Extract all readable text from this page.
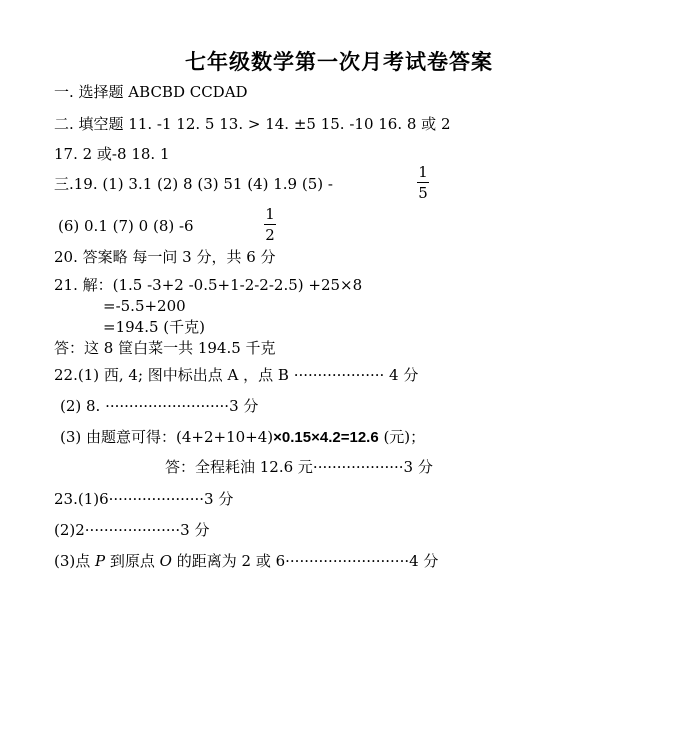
七年级数学第一次月考试卷答案
一. 选择题 ABCBD CCDAD
二. 填空题 11. -1 12. 5 13. > 14. ±5 15. -10 16. 8 或 2
17. 2 或-8 18. 1
三.19. (1) 3.1 (2) 8 (3) 51 (4) 1.9 (5) -
1
5
(6) 0.1 (7) 0 (8) -6
1
2
20. 答案略 每一问 3 分，共 6 分
21. 解：(1.5 -3+2 -0.5+1-2-2-2.5) +25×8
=-5.5+200
=194.5 (千克)
答：这 8 筐白菜一共 194.5 千克
22.(1) 西, 4; 图中标出点 A ，点 B ··················· 4 分
(2) 8. ··························3 分
(3) 由题意可得：(4+2+10+4)×0.15×4.2=12.6 (元)；
答：全程耗油 12.6 元···················3 分
23.(1)6····················3 分
(2)2····················3 分
(3)点 P 到原点 O 的距离为 2 或 6··························4 分
